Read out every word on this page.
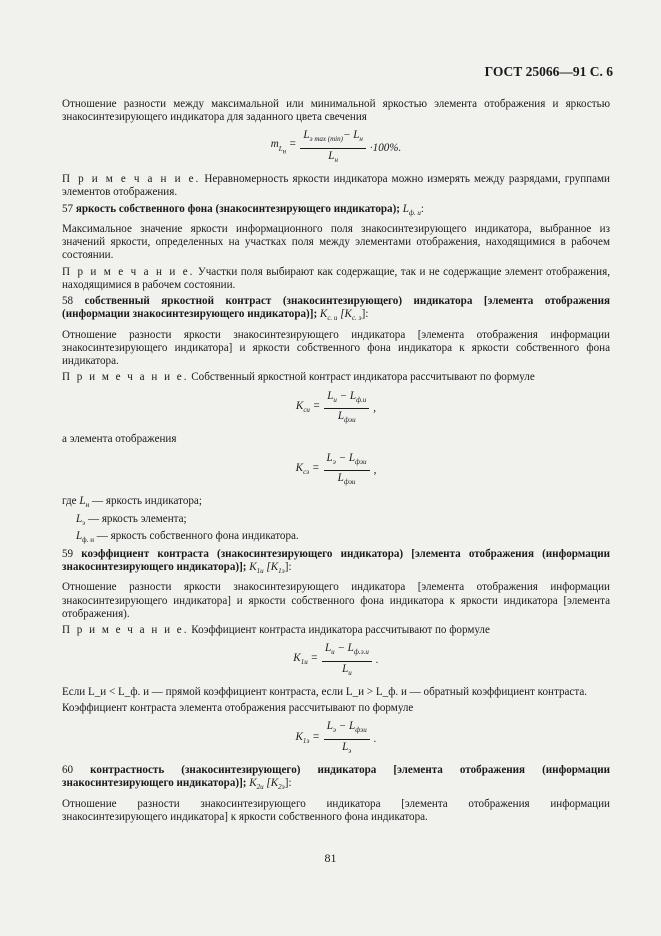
ГОСТ 25066—91 С. 6

Отношение разности между максимальной или минимальной яркостью элемента отображения и яркостью знакосинтезирующего индикатора для заданного цвета свечения

$m_{L_н} = \frac{L_{э max (min)}- L_н}{L_н} \cdot 100\%$.

П р и м е ч а н и е. Неравномерность яркости индикатора можно измерять между разрядами, группами элементов отображения.

57 яркость собственного фона (знакосинтезирующего индикатора); $L_{ф. и}$:

Максимальное значение яркости информационного поля знакосинтезирующего индикатора, выбранное из значений яркости, определенных на участках поля между элементами отображения, находящимися в рабочем состоянии.

П р и м е ч а н и е. Участки поля выбирают как содержащие, так и не содержащие элемент отображения, находящимися в рабочем состоянии.

58 собственный яркостной контраст (знакосинтезирующего) индикатора [элемента отображения (информации знакосинтезирующего индикатора)]; $K_{с. и}$ $[K_{с. э}]$:

Отношение разности яркости знакосинтезирующего индикатора [элемента отображения информации знакосинтезирующего индикатора] и яркости собственного фона индикатора к яркости собственного фона индикатора.

П р и м е ч а н и е. Собственный яркостной контраст индикатора рассчитывают по формуле

$K_{си} = \frac{L_и - L_{ф.и}}{L_{фэи}}$ ,

а элемента отображения

$K_{сэ} = \frac{L_э - L_{фэи}}{L_{фэи}}$ ,
где $L_и$ — яркость индикатора;
$L_э$ — яркость элемента;
$L_{ф. и}$ — яркость собственного фона индикатора.

59 коэффициент контраста (знакосинтезирующего индикатора) [элемента отображения (информации знакосинтезирующего индикатора)]; $K_{1и}$ $[K_{1э}]$:

Отношение разности яркости знакосинтезирующего индикатора [элемента отображения информации знакосинтезирующего индикатора] и яркости собственного фона индикатора к яркости индикатора [элемента отображения).

П р и м е ч а н и е. Коэффициент контраста индикатора рассчитывают по формуле

$K_{1и} = \frac{L_и - L_{ф.э.и}}{L_и}$ .

Если L_и < L_ф. и — прямой коэффициент контраста, если L_и > L_ф. и — обратный коэффициент контраста.

Коэффициент контраста элемента отображения рассчитывают по формуле

$K_{1э} = \frac{L_э - L_{фэи}}{L_э}$ .

60 контрастность (знакосинтезирующего) индикатора [элемента отображения (информации знакосинтезирующего индикатора)]; $K_{2и}$ $[K_{2э}]$:

Отношение разности знакосинтезирующего индикатора [элемента отображения информации знакосинтезирующего индикатора] к яркости собственного фона индикатора.

81
